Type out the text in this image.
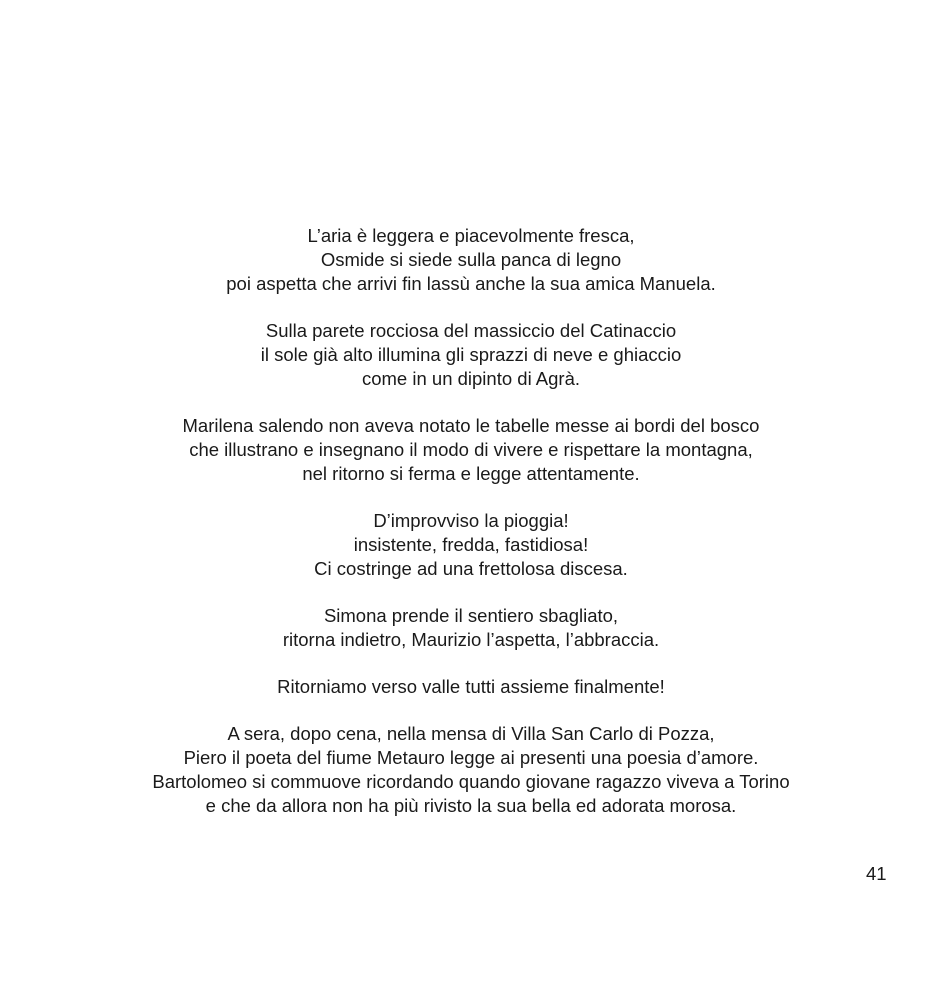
L’aria è leggera e piacevolmente fresca,
Osmide si siede sulla panca di legno
poi aspetta che arrivi fin lassù anche la sua amica Manuela.

Sulla parete rocciosa del massiccio del Catinaccio
il sole già alto illumina gli sprazzi di neve e ghiaccio
come in un dipinto di Agrà.

Marilena salendo non aveva notato le tabelle messe ai bordi del bosco
che illustrano e insegnano il modo di vivere e rispettare la montagna,
nel ritorno si ferma e legge attentamente.

D’improvviso la pioggia!
insistente, fredda, fastidiosa!
Ci costringe ad una frettolosa discesa.

Simona prende il sentiero sbagliato,
ritorna indietro, Maurizio l’aspetta, l’abbraccia.

Ritorniamo verso valle tutti assieme finalmente!

A sera, dopo cena, nella mensa di Villa San Carlo di Pozza,
Piero il poeta del fiume Metauro legge ai presenti una poesia d’amore.
Bartolomeo si commuove ricordando quando giovane ragazzo viveva a Torino
e che da allora non ha più rivisto la sua bella ed adorata morosa.

41
